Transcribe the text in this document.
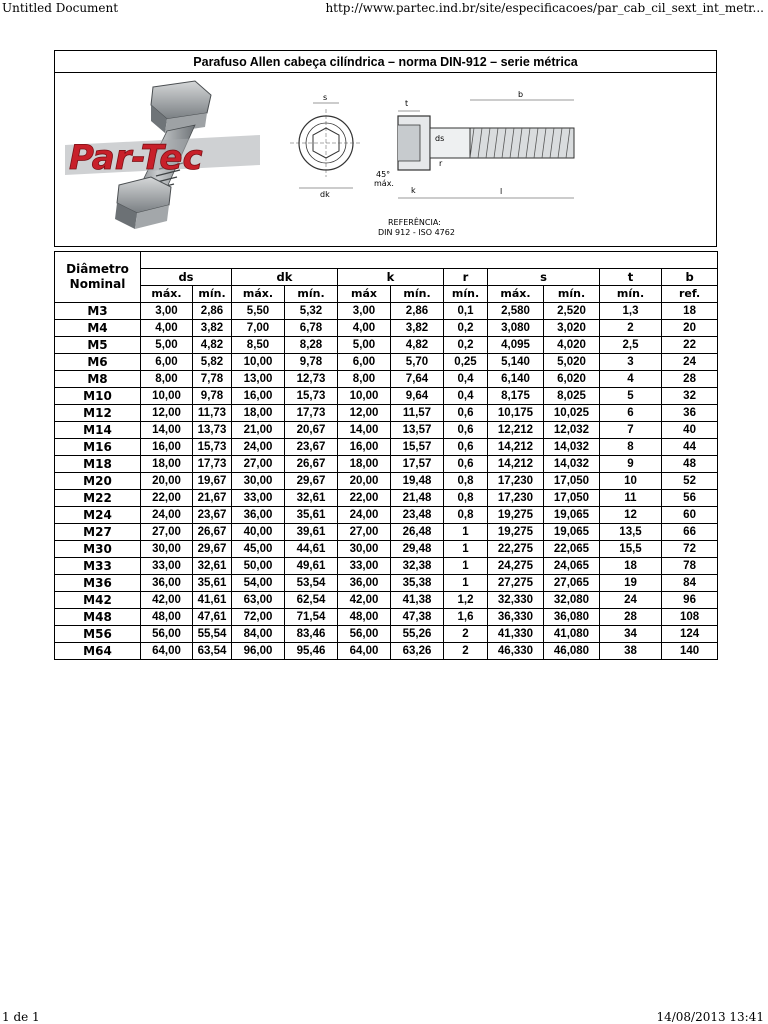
Untitled Document	http://www.partec.ind.br/site/especificacoes/par_cab_cil_sext_int_metr...
Parafuso Allen cabeça cilíndrica – norma DIN-912 – serie métrica
Par-Tec
s
dk
t
b
ds
r
k	l
45°
máx.
REFERÊNCIA:
DIN 912 - ISO 4762
Diâmetro
Nominal											

	ds		dk		k		r	s		t	b
	máx.	mín.	máx.	mín.	máx	mín.	mín.	máx.	mín.	mín.	ref.
M3	3,00	2,86	5,50	5,32	3,00	2,86	0,1	2,580	2,520	1,3	18
M4	4,00	3,82	7,00	6,78	4,00	3,82	0,2	3,080	3,020	2	20
M5	5,00	4,82	8,50	8,28	5,00	4,82	0,2	4,095	4,020	2,5	22
M6	6,00	5,82	10,00	9,78	6,00	5,70	0,25	5,140	5,020	3	24
M8	8,00	7,78	13,00	12,73	8,00	7,64	0,4	6,140	6,020	4	28
M10	10,00	9,78	16,00	15,73	10,00	9,64	0,4	8,175	8,025	5	32
M12	12,00	11,73	18,00	17,73	12,00	11,57	0,6	10,175	10,025	6	36
M14	14,00	13,73	21,00	20,67	14,00	13,57	0,6	12,212	12,032	7	40
M16	16,00	15,73	24,00	23,67	16,00	15,57	0,6	14,212	14,032	8	44
M18	18,00	17,73	27,00	26,67	18,00	17,57	0,6	14,212	14,032	9	48
M20	20,00	19,67	30,00	29,67	20,00	19,48	0,8	17,230	17,050	10	52
M22	22,00	21,67	33,00	32,61	22,00	21,48	0,8	17,230	17,050	11	56
M24	24,00	23,67	36,00	35,61	24,00	23,48	0,8	19,275	19,065	12	60
M27	27,00	26,67	40,00	39,61	27,00	26,48	1	19,275	19,065	13,5	66
M30	30,00	29,67	45,00	44,61	30,00	29,48	1	22,275	22,065	15,5	72
M33	33,00	32,61	50,00	49,61	33,00	32,38	1	24,275	24,065	18	78
M36	36,00	35,61	54,00	53,54	36,00	35,38	1	27,275	27,065	19	84
M42	42,00	41,61	63,00	62,54	42,00	41,38	1,2	32,330	32,080	24	96
M48	48,00	47,61	72,00	71,54	48,00	47,38	1,6	36,330	36,080	28	108
M56	56,00	55,54	84,00	83,46	56,00	55,26	2	41,330	41,080	34	124
M64	64,00	63,54	96,00	95,46	64,00	63,26	2	46,330	46,080	38	140
1 de 1	14/08/2013 13:41
